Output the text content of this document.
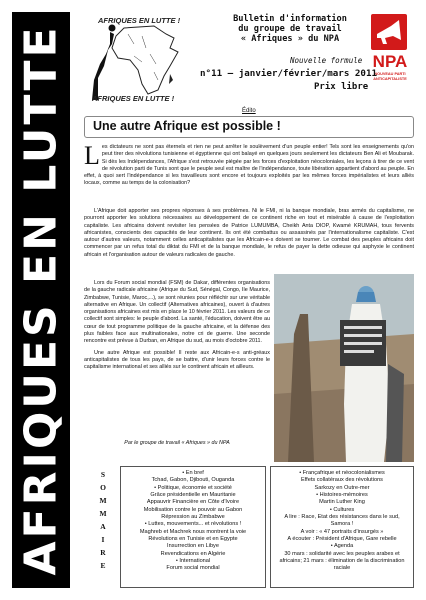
AFRIQUES EN LUTTE
AFRIQUES EN LUTTE !
AFRIQUES EN LUTTE !
Bulletin d'information
du groupe de travail
« Afriques » du NPA
NPA
NOUVEAU PARTI
ANTICAPITALISTE
Nouvelle formule
n°11 – janvier/février/mars 2011
Prix libre
Édito
Une autre Afrique est possible !
L es dictateurs ne sont pas éternels et rien ne peut arrêter le soulèvement d'un peuple entier! Tels sont les enseignements qu'on peut tirer des révolutions tunisienne et égyptienne qui ont balayé en quelques jours seulement les dictateurs Ben Ali et Moubarak. Si dès les Indépendances, l'Afrique s'est retrouvée piégée par les forces d'exploitation néocoloniales, les leçons à tirer de ce vent de révolution parti de Tunis sont que le peuple seul est maître de l'indépendance, toute libération appartient d'abord au peuple. En effet, à quoi sert l'indépendance si les travailleurs sont encore et toujours exploités par les mêmes forces impérialistes et leurs alliés locaux, comme au temps de la colonisation?
L'Afrique doit apporter ses propres réponses à ses problèmes. Ni le FMI, ni la banque mondiale, bras armés du capitalisme, ne pourront apporter les solutions nécessaires au développement de ce continent riche en tout et misérable à cause de l'exploitation capitaliste. Les africains doivent revisiter les pensées de Patrice LUMUMBA, Cheikh Anta DIOP, Kwamé KRUMAH, tous fervents africanistes, conscients des capacités de leur continent. Ils ont été combattus ou assassinés par l'internationalisme capitaliste. C'est autour d'autres valeurs, notamment celles anticapitalistes que les Africain-e-s doivent se tourner. Le combat des peuples africains doit commencer par un refus total du diktat du FMI et de la banque mondiale, le refus de payer la dette odieuse qui asphyxie le continent africain et l'organisation autour de valeurs radicales de gauche.

Lors du Forum social mondial (FSM) de Dakar, différentes organisations de la gauche radicale africaine (Afrique du Sud, Sénégal, Congo, Ile Maurice, Zimbabwe, Tunisie, Maroc,...), se sont réunies pour réfléchir sur une véritable alternative en Afrique. Un collectif (Alternatives africaines), ouvert à d'autres organisations africaines est mis en place le 10 février 2011. Les valeurs de ce collectif sont simples: le peuple d'abord. La santé, l'éducation, doivent être au cœur de tout programme politique de la gauche africaine, et la défense des plus faibles face aux multinationales, notre cri de guerre. Une seconde rencontre est prévue à Durban, en Afrique du sud, au mois d'octobre 2011.

Une autre Afrique est possible! Il reste aux Africain-e-s anti-gréaux anticapitalistes de tous les pays, de se battre, d'unir leurs forces contre le capitalisme international et ses alliés sur le continent africain et ailleurs.

Par le groupe de travail « Afriques » du NPA
S
O
M
M
A
I
R
E
• En bref
Tchad, Gabon, Djibouti, Ouganda
• Politique, économie et société
Grâce présidentielle en Mauritanie
Appauvrir Financière en Côte d'Ivoire
Mobilisation contre le pouvoir au Gabon
Répression au Zimbabwe
• Luttes, mouvements... et révolutions !
Maghreb et Machrek nous montrent la voie
Révolutions en Tunisie et en Egypte
Insurrection en Libye
Revendications en Algérie
• International
Forum social mondial
• Françafrique et néocolonialismes
Effets collatéraux des révolutions
Sarkozy en Outre-mer
• Histoires-mémoires
Martin Luther King
• Cultures
A lire : Race, Etat des résistances dans le sud, Samora !
A voir : « 47 portraits d'insurgés »
A écouter : Président d'Afrique, Gare rebelle
• Agenda
30 mars : solidarité avec les peuples arabes et africains; 21 mars : élimination de la discrimination raciale
